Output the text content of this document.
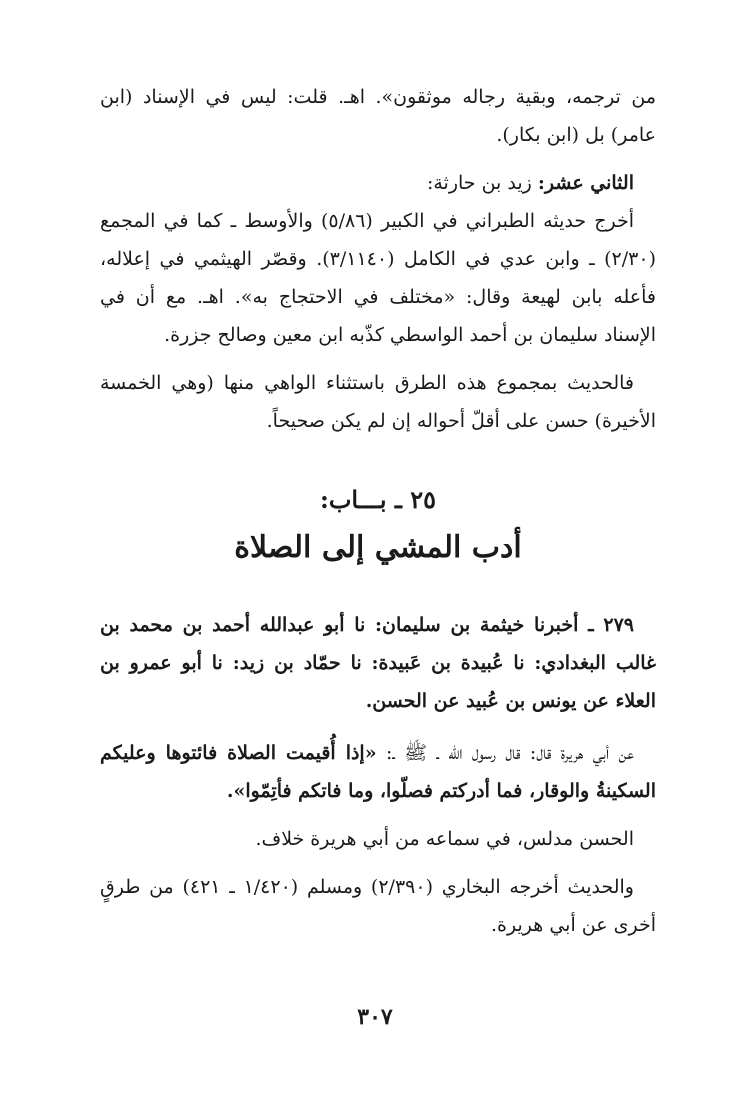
من ترجمه، وبقية رجاله موثقون». اهـ. قلت: ليس في الإسناد (ابن عامر) بل (ابن بكار).

الثاني عشر: زيد بن حارثة:

أخرج حديثه الطبراني في الكبير (٥/٨٦) والأوسط ـ كما في المجمع (٢/٣٠) ـ وابن عدي في الكامل (٣/١١٤٠). وقصّر الهيثمي في إعلاله، فأعله بابن لهيعة وقال: «مختلف في الاحتجاج به». اهـ. مع أن في الإسناد سليمان بن أحمد الواسطي كذّبه ابن معين وصالح جزرة.

فالحديث بمجموع هذه الطرق باستثناء الواهي منها (وهي الخمسة الأخيرة) حسن على أقلّ أحواله إن لم يكن صحيحاً.

٢٥ ـ بـــاب:
أدب المشي إلى الصلاة

٢٧٩ ـ أخبرنا خيثمة بن سليمان: نا أبو عبدالله أحمد بن محمد بن غالب البغدادي: نا عُبيدة بن عَبيدة: نا حمّاد بن زيد: نا أبو عمرو بن العلاء عن يونس بن عُبيد عن الحسن.

عن أبي هريرة قال: قال رسول الله ـ ﷺ ـ: «إذا أُقيمت الصلاة فائتوها وعليكم السكينةُ والوقار، فما أدركتم فصلّوا، وما فاتكم فأتِمّوا».

الحسن مدلس، في سماعه من أبي هريرة خلاف.

والحديث أخرجه البخاري (٢/٣٩٠) ومسلم (١/٤٢٠ ـ ٤٢١) من طرقٍ أخرى عن أبي هريرة.

٣٠٧
